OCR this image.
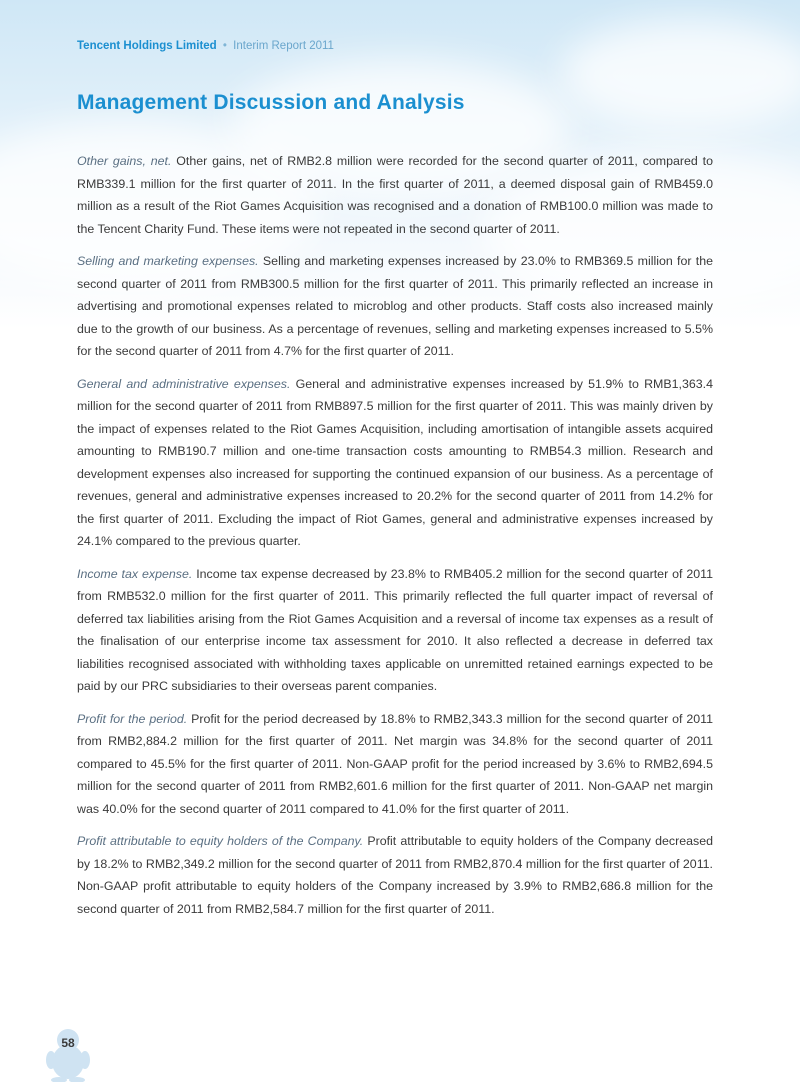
Tencent Holdings Limited • Interim Report 2011
Management Discussion and Analysis

Other gains, net. Other gains, net of RMB2.8 million were recorded for the second quarter of 2011, compared to RMB339.1 million for the first quarter of 2011. In the first quarter of 2011, a deemed disposal gain of RMB459.0 million as a result of the Riot Games Acquisition was recognised and a donation of RMB100.0 million was made to the Tencent Charity Fund. These items were not repeated in the second quarter of 2011.

Selling and marketing expenses. Selling and marketing expenses increased by 23.0% to RMB369.5 million for the second quarter of 2011 from RMB300.5 million for the first quarter of 2011. This primarily reflected an increase in advertising and promotional expenses related to microblog and other products. Staff costs also increased mainly due to the growth of our business. As a percentage of revenues, selling and marketing expenses increased to 5.5% for the second quarter of 2011 from 4.7% for the first quarter of 2011.

General and administrative expenses. General and administrative expenses increased by 51.9% to RMB1,363.4 million for the second quarter of 2011 from RMB897.5 million for the first quarter of 2011. This was mainly driven by the impact of expenses related to the Riot Games Acquisition, including amortisation of intangible assets acquired amounting to RMB190.7 million and one-time transaction costs amounting to RMB54.3 million. Research and development expenses also increased for supporting the continued expansion of our business. As a percentage of revenues, general and administrative expenses increased to 20.2% for the second quarter of 2011 from 14.2% for the first quarter of 2011. Excluding the impact of Riot Games, general and administrative expenses increased by 24.1% compared to the previous quarter.

Income tax expense. Income tax expense decreased by 23.8% to RMB405.2 million for the second quarter of 2011 from RMB532.0 million for the first quarter of 2011. This primarily reflected the full quarter impact of reversal of deferred tax liabilities arising from the Riot Games Acquisition and a reversal of income tax expenses as a result of the finalisation of our enterprise income tax assessment for 2010. It also reflected a decrease in deferred tax liabilities recognised associated with withholding taxes applicable on unremitted retained earnings expected to be paid by our PRC subsidiaries to their overseas parent companies.

Profit for the period. Profit for the period decreased by 18.8% to RMB2,343.3 million for the second quarter of 2011 from RMB2,884.2 million for the first quarter of 2011. Net margin was 34.8% for the second quarter of 2011 compared to 45.5% for the first quarter of 2011. Non-GAAP profit for the period increased by 3.6% to RMB2,694.5 million for the second quarter of 2011 from RMB2,601.6 million for the first quarter of 2011. Non-GAAP net margin was 40.0% for the second quarter of 2011 compared to 41.0% for the first quarter of 2011.

Profit attributable to equity holders of the Company. Profit attributable to equity holders of the Company decreased by 18.2% to RMB2,349.2 million for the second quarter of 2011 from RMB2,870.4 million for the first quarter of 2011. Non-GAAP profit attributable to equity holders of the Company increased by 3.9% to RMB2,686.8 million for the second quarter of 2011 from RMB2,584.7 million for the first quarter of 2011.

58
